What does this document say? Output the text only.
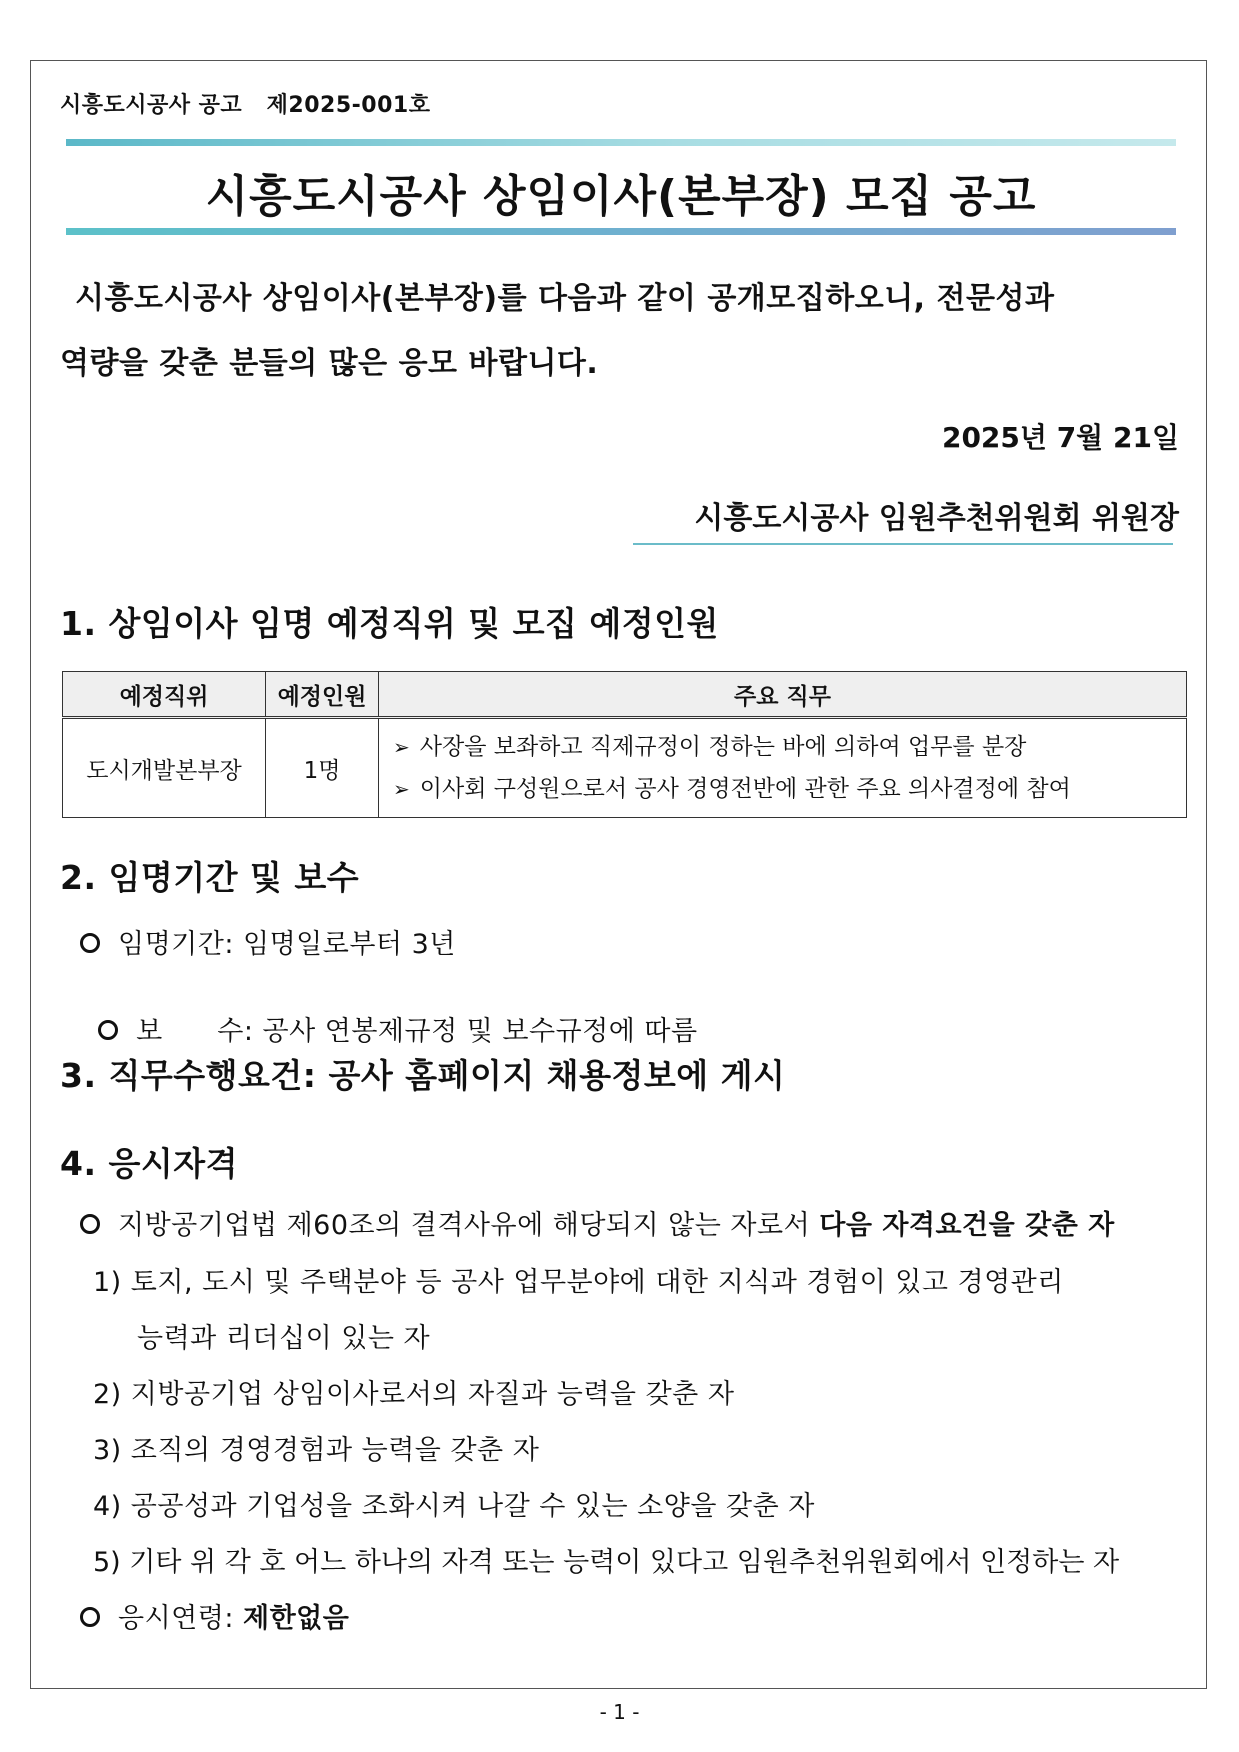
시흥도시공사 공고   제2025-001호
시흥도시공사 상임이사(본부장) 모집 공고
시흥도시공사 상임이사(본부장)를 다음과 같이 공개모집하오니, 전문성과
역량을 갖춘 분들의 많은 응모 바랍니다.
2025년 7월 21일
시흥도시공사 임원추천위원회 위원장
1. 상임이사 임명 예정직위 및 모집 예정인원
예정직위	예정인원	주요 직무
도시개발본부장	1명	➢ 사장을 보좌하고 직제규정이 정하는 바에 의하여 업무를 분장
➢ 이사회 구성원으로서 공사 경영전반에 관한 주요 의사결정에 참여
2. 임명기간 및 보수
임명기간: 임명일로부터 3년

보      수: 공사 연봉제규정 및 보수규정에 따름

3. 직무수행요건: 공사 홈페이지 채용정보에 게시
4. 응시자격
지방공기업법 제60조의 결격사유에 해당되지 않는 자로서 다음 자격요건을 갖춘 자
1) 토지, 도시 및 주택분야 등 공사 업무분야에 대한 지식과 경험이 있고 경영관리
능력과 리더십이 있는 자
2) 지방공기업 상임이사로서의 자질과 능력을 갖춘 자
3) 조직의 경영경험과 능력을 갖춘 자
4) 공공성과 기업성을 조화시켜 나갈 수 있는 소양을 갖춘 자
5) 기타 위 각 호 어느 하나의 자격 또는 능력이 있다고 임원추천위원회에서 인정하는 자
응시연령: 제한없음
- 1 -
